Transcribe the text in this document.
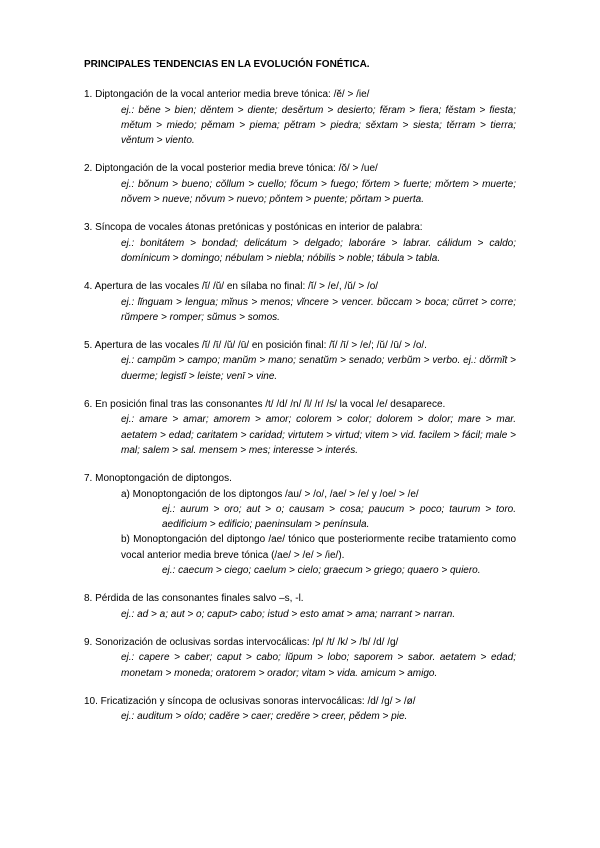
PRINCIPALES TENDENCIAS EN LA EVOLUCIÓN FONÉTICA.
1. Diptongación de la vocal anterior media breve tónica: /ĕ/ > /ie/
ej.: bĕne > bien; dĕntem > diente; desĕrtum > desierto; fĕram > fiera; fĕstam > fiesta; mĕtum > miedo; pĕmam > piema; pĕtram > piedra; sĕxtam > siesta; tĕrram > tierra; vĕntum > viento.
2. Diptongación de la vocal posterior media breve tónica: /ŏ/ > /ue/
ej.: bŏnum > bueno; cŏllum > cuello; fŏcum > fuego; fŏrtem > fuerte; mŏrtem > muerte; nŏvem > nueve; nŏvum > nuevo; pŏntem > puente; pŏrtam > puerta.
3. Síncopa de vocales átonas pretónicas y postónicas en interior de palabra:
ej.: bonitátem > bondad; delicátum > delgado; laboráre > labrar. cálidum > caldo; domínicum > domingo; nébulam > niebla; nóbilis > noble; tábula > tabla.
4. Apertura de las vocales /ĭ/ /ŭ/ en sílaba no final: /ĭ/ > /e/, /ŭ/ > /o/
ej.: lĭnguam > lengua; mĭnus > menos; vĭncere > vencer. bŭccam > boca; cŭrret > corre; rŭmpere > romper; sŭmus > somos.
5. Apertura de las vocales /ĭ/ /ī/ /ŭ/ /ū/ en posición final: /ĭ/ /ī/ > /e/; /ŭ/ /ū/ > /o/.
ej.: campŭm > campo; manŭm > mano; senatŭm > senado; verbŭm > verbo. ej.: dŏrmĭt > duerme; legistī > leiste; venī > vine.
6. En posición final tras las consonantes /t/ /d/ /n/ /l/ /r/ /s/ la vocal /e/ desaparece.
ej.: amare > amar; amorem > amor; colorem > color; dolorem > dolor; mare > mar. aetatem > edad; caritatem > caridad; virtutem > virtud; vitem > vid. facilem > fácil; male > mal; salem > sal. mensem > mes; interesse > interés.
7. Monoptongación de diptongos.
a) Monoptongación de los diptongos /au/ > /o/, /ae/ > /e/ y /oe/ > /e/
ej.: aurum > oro; aut > o; causam > cosa; paucum > poco; taurum > toro. aedificium > edificio; paeninsulam > península.
b) Monoptongación del diptongo /ae/ tónico que posteriormente recibe tratamiento como vocal anterior media breve tónica (/ae/ > /e/ > /ie/).
ej.: caecum > ciego; caelum > cielo; graecum > griego; quaero > quiero.
8. Pérdida de las consonantes finales salvo –s, -l.
ej.: ad > a; aut > o; caput> cabo; istud > esto amat > ama; narrant > narran.
9. Sonorización de oclusivas sordas intervocálicas: /p/ /t/ /k/ > /b/ /d/ /g/
ej.: capere > caber; caput > cabo; lŭpum > lobo; saporem > sabor. aetatem > edad; monetam > moneda; oratorem > orador; vitam > vida. amicum > amigo.
10. Fricatización y síncopa de oclusivas sonoras intervocálicas: /d/ /g/ > /ø/
ej.: auditum > oído; cadĕre > caer; credĕre > creer, pĕdem > pie.
